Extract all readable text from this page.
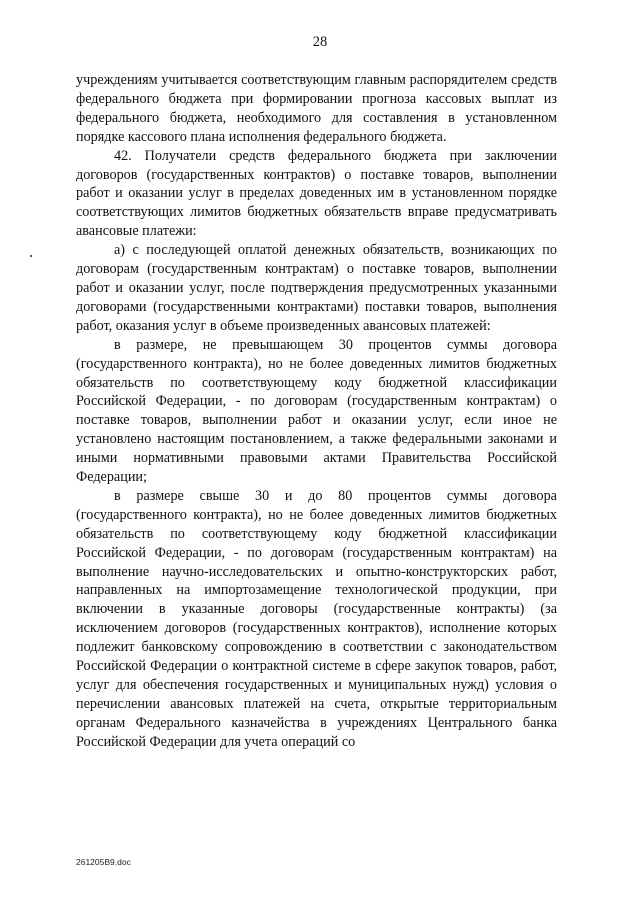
28

учреждениям учитывается соответствующим главным распорядителем средств федерального бюджета при формировании прогноза кассовых выплат из федерального бюджета, необходимого для составления в установленном порядке кассового плана исполнения федерального бюджета.

42. Получатели средств федерального бюджета при заключении договоров (государственных контрактов) о поставке товаров, выполнении работ и оказании услуг в пределах доведенных им в установленном порядке соответствующих лимитов бюджетных обязательств вправе предусматривать авансовые платежи:

а) с последующей оплатой денежных обязательств, возникающих по договорам (государственным контрактам) о поставке товаров, выполнении работ и оказании услуг, после подтверждения предусмотренных указанными договорами (государственными контрактами) поставки товаров, выполнения работ, оказания услуг в объеме произведенных авансовых платежей:

в размере, не превышающем 30 процентов суммы договора (государственного контракта), но не более доведенных лимитов бюджетных обязательств по соответствующему коду бюджетной классификации Российской Федерации, - по договорам (государственным контрактам) о поставке товаров, выполнении работ и оказании услуг, если иное не установлено настоящим постановлением, а также федеральными законами и иными нормативными правовыми актами Правительства Российской Федерации;

в размере свыше 30 и до 80 процентов суммы договора (государственного контракта), но не более доведенных лимитов бюджетных обязательств по соответствующему коду бюджетной классификации Российской Федерации, - по договорам (государственным контрактам) на выполнение научно-исследовательских и опытно-конструкторских работ, направленных на импортозамещение технологической продукции, при включении в указанные договоры (государственные контракты) (за исключением договоров (государственных контрактов), исполнение которых подлежит банковскому сопровождению в соответствии с законодательством Российской Федерации о контрактной системе в сфере закупок товаров, работ, услуг для обеспечения государственных и муниципальных нужд) условия о перечислении авансовых платежей на счета, открытые территориальным органам Федерального казначейства в учреждениях Центрального банка Российской Федерации для учета операций со

261205B9.doc
